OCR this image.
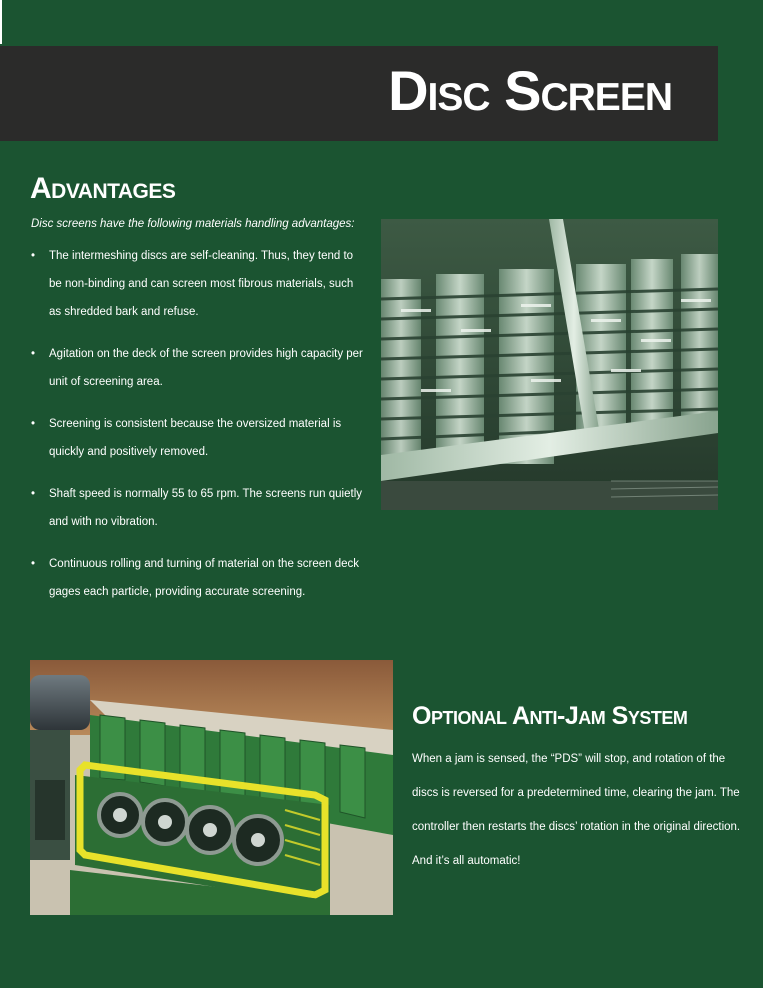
Disc Screen
Advantages
Disc screens have the following materials handling advantages:
• The intermeshing discs are self-cleaning. Thus, they tend to be non-binding and can screen most fibrous materials, such as shredded bark and refuse.
• Agitation on the deck of the screen provides high capacity per unit of screening area.
• Screening is consistent because the oversized material is quickly and positively removed.
• Shaft speed is normally 55 to 65 rpm. The screens run quietly and with no vibration.
• Continuous rolling and turning of material on the screen deck gages each particle, providing accurate screening.
Optional Anti-Jam System
When a jam is sensed, the “PDS” will stop, and rotation of the discs is reversed for a predetermined time, clearing the jam. The controller then restarts the discs’ rotation in the original direction. And it’s all automatic!
